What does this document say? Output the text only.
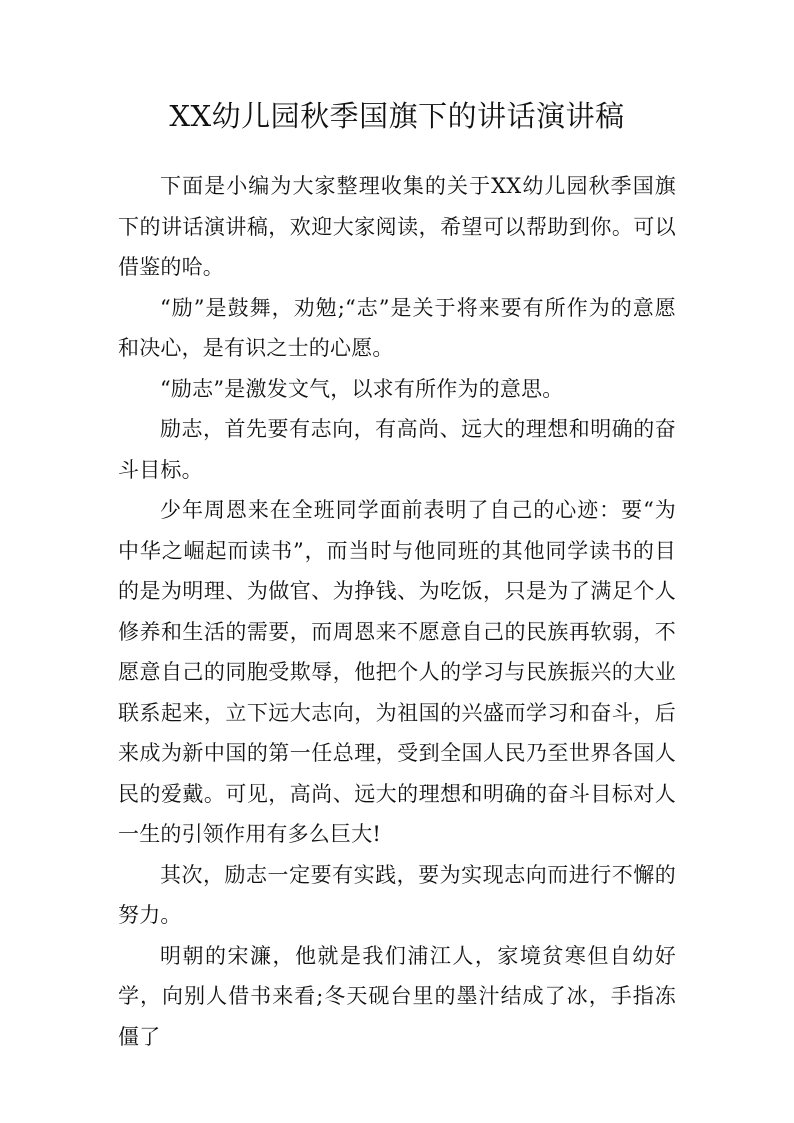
XX幼儿园秋季国旗下的讲话演讲稿

下面是小编为大家整理收集的关于XX幼儿园秋季国旗下的讲话演讲稿，欢迎大家阅读，希望可以帮助到你。可以借鉴的哈。

“励”是鼓舞，劝勉;“志”是关于将来要有所作为的意愿和决心，是有识之士的心愿。

“励志”是激发文气，以求有所作为的意思。

励志，首先要有志向，有高尚、远大的理想和明确的奋斗目标。

少年周恩来在全班同学面前表明了自己的心迹：要“为中华之崛起而读书”，而当时与他同班的其他同学读书的目的是为明理、为做官、为挣钱、为吃饭，只是为了满足个人修养和生活的需要，而周恩来不愿意自己的民族再软弱，不愿意自己的同胞受欺辱，他把个人的学习与民族振兴的大业联系起来，立下远大志向，为祖国的兴盛而学习和奋斗，后来成为新中国的第一任总理，受到全国人民乃至世界各国人民的爱戴。可见，高尚、远大的理想和明确的奋斗目标对人一生的引领作用有多么巨大!

其次，励志一定要有实践，要为实现志向而进行不懈的努力。

明朝的宋濂，他就是我们浦江人，家境贫寒但自幼好学，向别人借书来看;冬天砚台里的墨汁结成了冰，手指冻僵了
